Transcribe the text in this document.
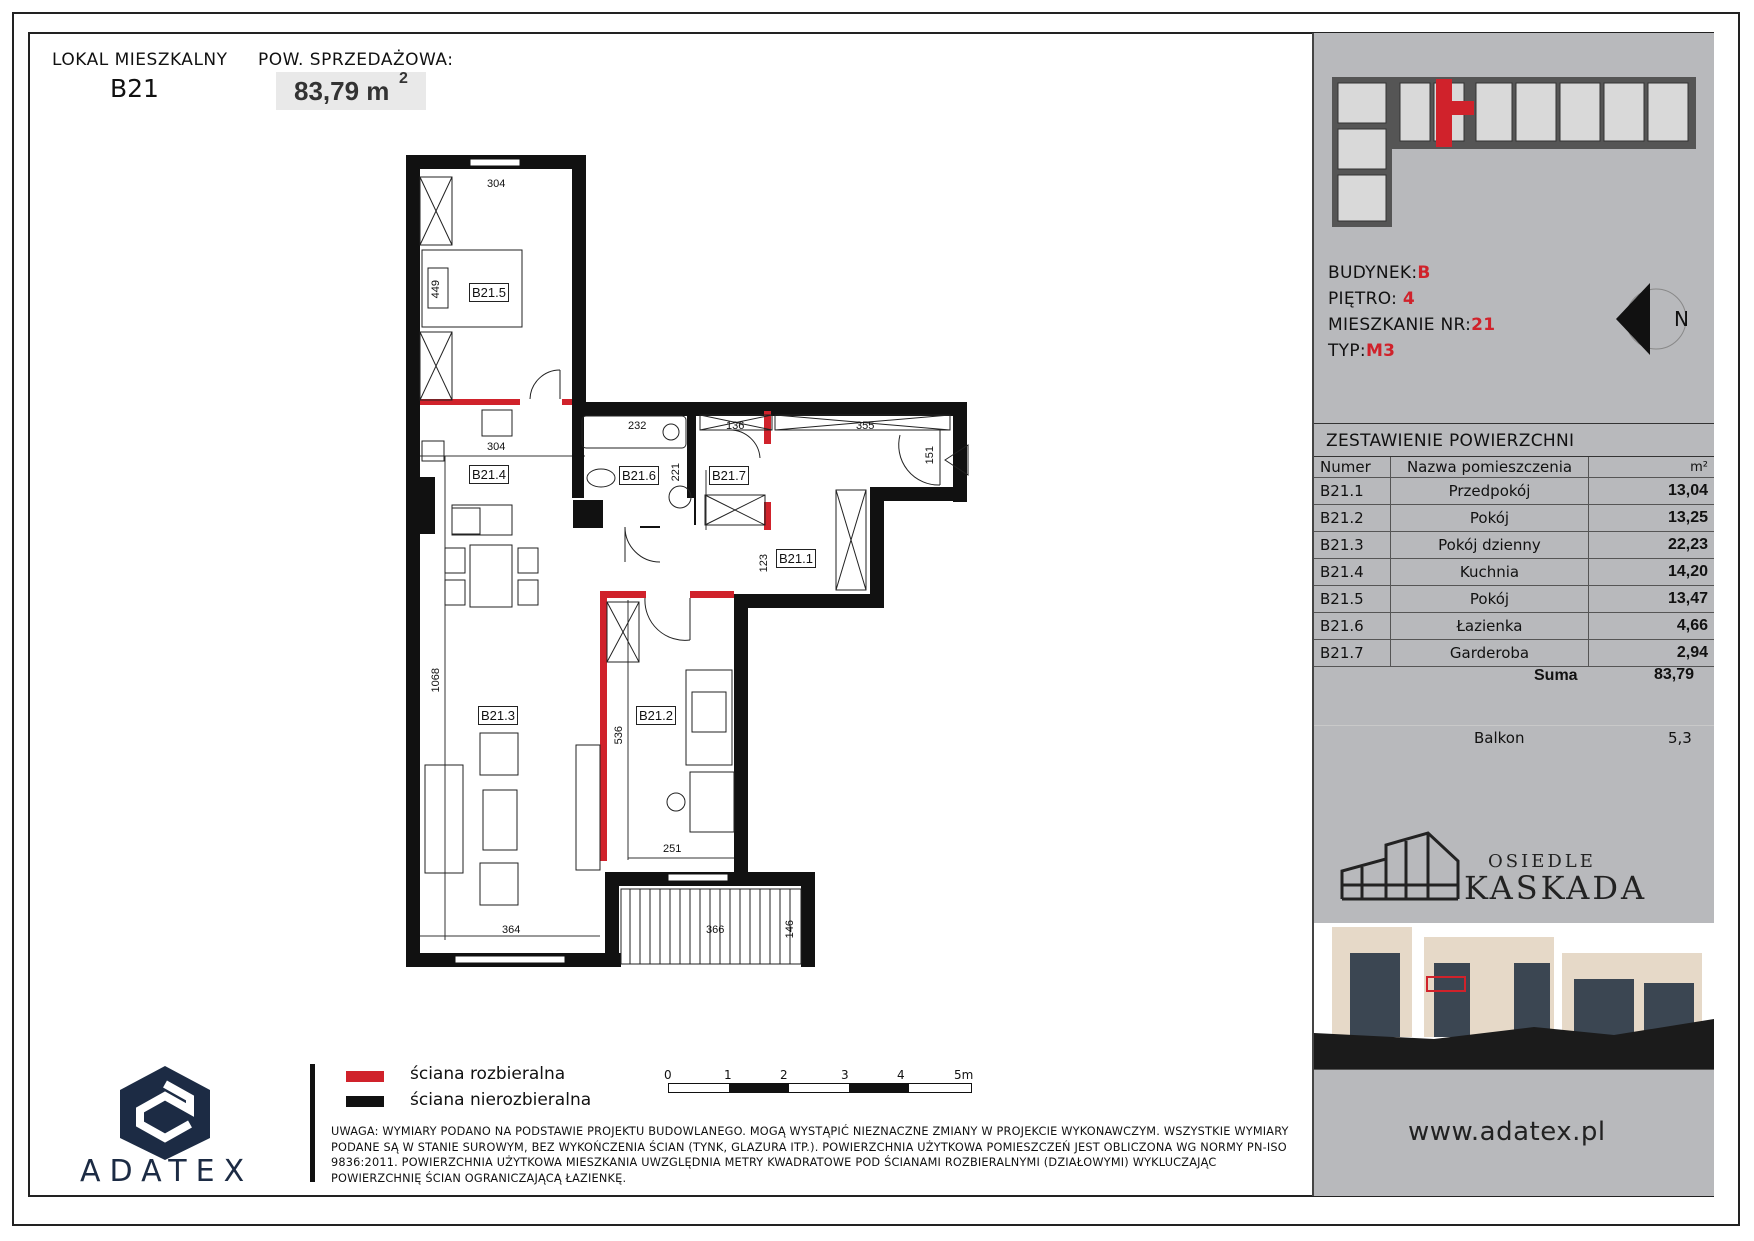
LOKAL MIESZKALNY
B21
POW. SPRZEDAŻOWA:
83,79 m 2
B21.5
B21.4	B21.6	B21.7
B21.1
B21.3	B21.2
304
449
304
232
221
136	355
151
123
1068
536
251
364	366	146
ADATEX
ściana rozbieralna
ściana nierozbieralna
0	1	2	3	4	5m
UWAGA: WYMIARY PODANO NA PODSTAWIE PROJEKTU BUDOWLANEGO. MOGĄ WYSTĄPIĆ NIEZNACZNE ZMIANY W PROJEKCIE WYKONAWCZYM. WSZYSTKIE WYMIARY PODANE SĄ W STANIE SUROWYM, BEZ WYKOŃCZENIA ŚCIAN (TYNK, GLAZURA ITP.). POWIERZCHNIA UŻYTKOWA POMIESZCZEŃ JEST OBLICZONA WG NORMY PN-ISO 9836:2011. POWIERZCHNIA UŻYTKOWA MIESZKANIA UWZGLĘDNIA METRY KWADRATOWE POD ŚCIANAMI ROZBIERALNYMI (DZIAŁOWYMI) WYKLUCZAJĄC POWIERZCHNIĘ ŚCIAN OGRANICZAJĄCĄ ŁAZIENKĘ.
BUDYNEK:B
PIĘTRO: 4
MIESZKANIE NR:21
TYP:M3
N
ZESTAWIENIE POWIERZCHNI
Numer	Nazwa pomieszczenia	m²
B21.1	Przedpokój	13,04
B21.2	Pokój	13,25
B21.3	Pokój dzienny	22,23
B21.4	Kuchnia	14,20
B21.5	Pokój	13,47
B21.6	Łazienka	4,66
B21.7	Garderoba	2,94
Suma	83,79
Balkon	5,3
OSIEDLE
KASKADA
www.adatex.pl
